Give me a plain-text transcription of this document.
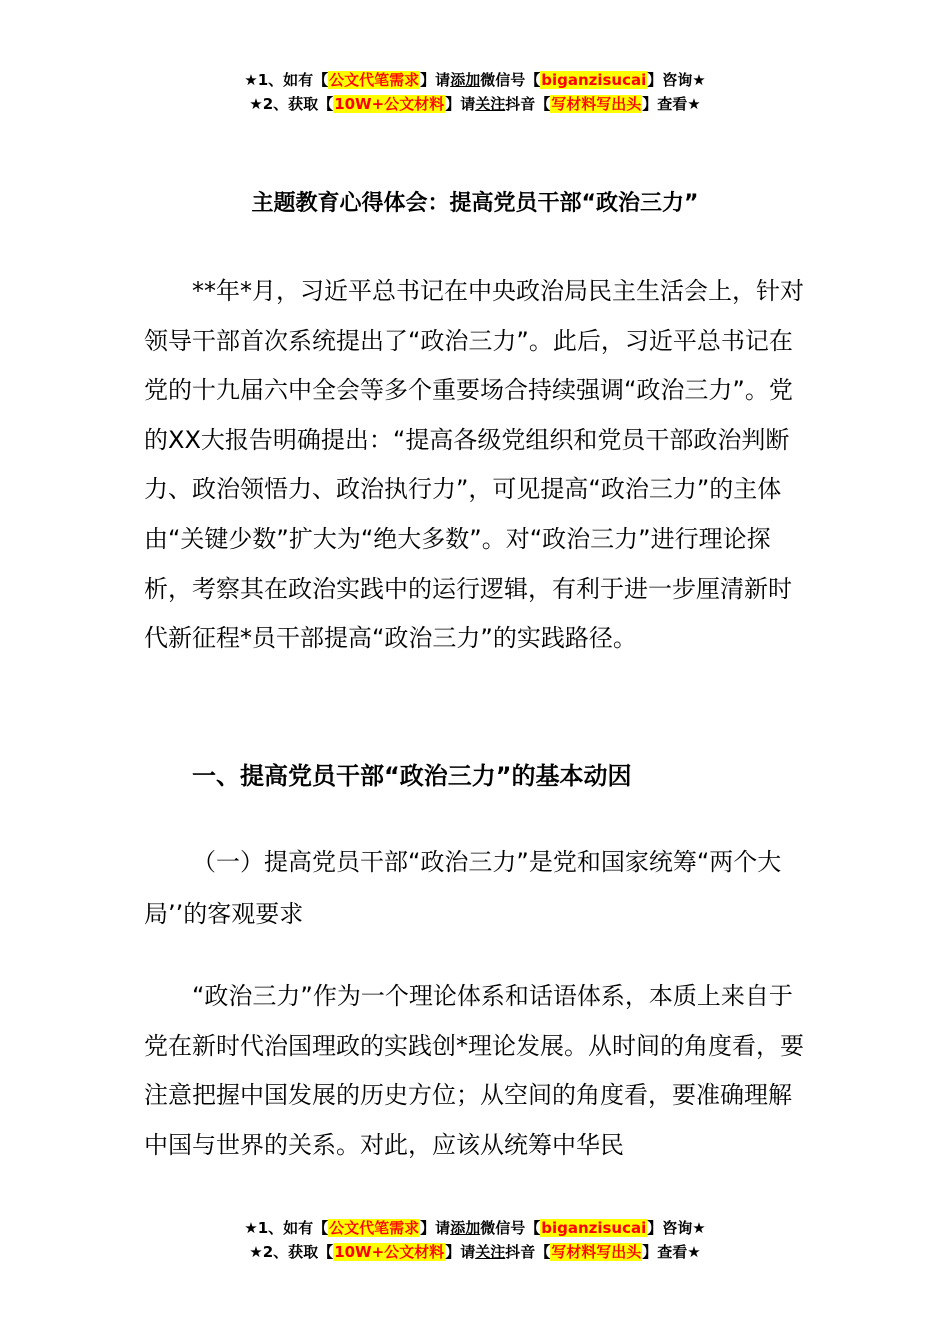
★1、如有【公文代笔需求】请添加微信号【biganzisucai】咨询★
★2、获取【10W+公文材料】请关注抖音【写材料写出头】查看★
主题教育心得体会：提高党员干部“政治三力”

**年*月，习近平总书记在中央政治局民主生活会上，针对领导干部首次系统提出了“政治三力”。此后，习近平总书记在党的十九届六中全会等多个重要场合持续强调“政治三力”。党的XX大报告明确提出：“提高各级党组织和党员干部政治判断力、政治领悟力、政治执行力”，可见提高“政治三力”的主体由“关键少数”扩大为“绝大多数”。对“政治三力”进行理论探析，考察其在政治实践中的运行逻辑，有利于进一步厘清新时代新征程*员干部提高“政治三力”的实践路径。

一、提高党员干部“政治三力”的基本动因

（一）提高党员干部“政治三力”是党和国家统筹“两个大局’’的客观要求

“政治三力”作为一个理论体系和话语体系，本质上来自于党在新时代治国理政的实践创*理论发展。从时间的角度看，要注意把握中国发展的历史方位；从空间的角度看，要准确理解中国与世界的关系。对此，应该从统筹中华民

★1、如有【公文代笔需求】请添加微信号【biganzisucai】咨询★
★2、获取【10W+公文材料】请关注抖音【写材料写出头】查看★
